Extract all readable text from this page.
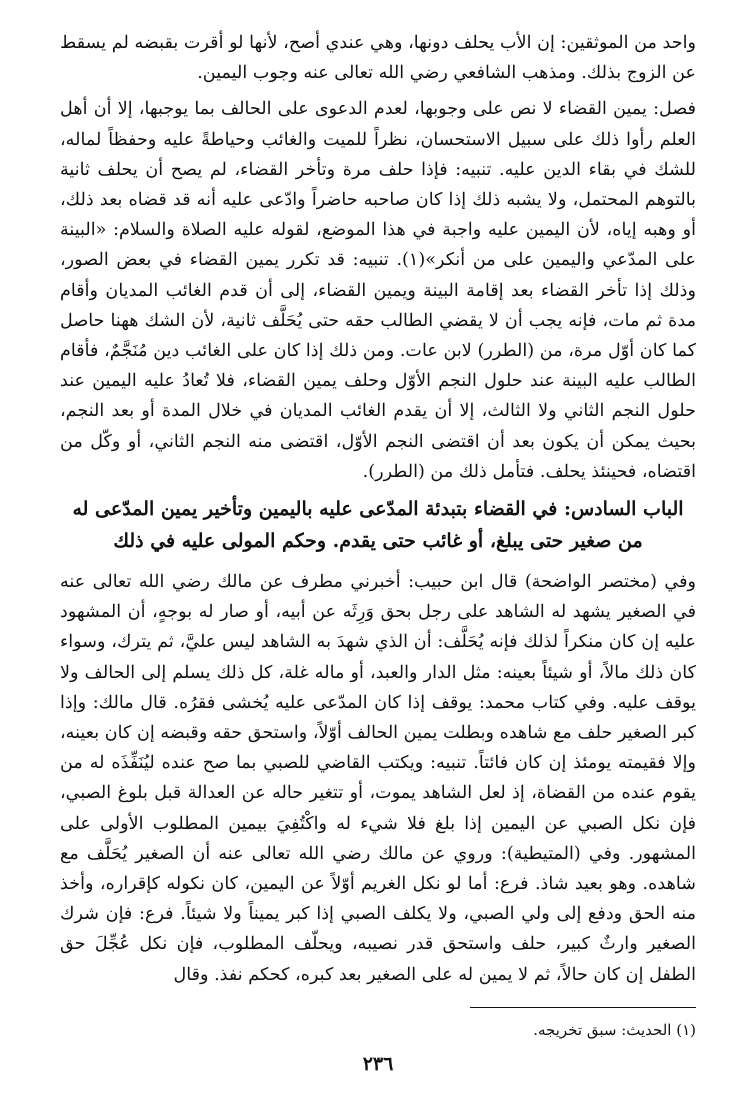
واحد من الموثقين: إن الأب يحلف دونها، وهي عندي أصح، لأنها لو أقرت بقبضه لم يسقط عن الزوج بذلك. ومذهب الشافعي رضي الله تعالى عنه وجوب اليمين.

فصل: يمين القضاء لا نص على وجوبها، لعدم الدعوى على الحالف بما يوجبها، إلا أن أهل العلم رأوا ذلك على سبيل الاستحسان، نظراً للميت والغائب وحياطةً عليه وحفظاً لماله، للشك في بقاء الدين عليه. تنبيه: فإذا حلف مرة وتأخر القضاء، لم يصح أن يحلف ثانية بالتوهم المحتمل، ولا يشبه ذلك إذا كان صاحبه حاضراً وادّعى عليه أنه قد قضاه بعد ذلك، أو وهبه إياه، لأن اليمين عليه واجبة في هذا الموضع، لقوله عليه الصلاة والسلام: «البينة على المدّعي واليمين على من أنكر»(١). تنبيه: قد تكرر يمين القضاء في بعض الصور، وذلك إذا تأخر القضاء بعد إقامة البينة ويمين القضاء، إلى أن قدم الغائب المديان وأقام مدة ثم مات، فإنه يجب أن لا يقضي الطالب حقه حتى يُحَلَّف ثانية، لأن الشك ههنا حاصل كما كان أوّل مرة، من (الطرر) لابن عات. ومن ذلك إذا كان على الغائب دين مُنَجَّمٌ، فأقام الطالب عليه البينة عند حلول النجم الأوّل وحلف يمين القضاء، فلا تُعادُ عليه اليمين عند حلول النجم الثاني ولا الثالث، إلا أن يقدم الغائب المديان في خلال المدة أو بعد النجم، بحيث يمكن أن يكون بعد أن اقتضى النجم الأوّل، اقتضى منه النجم الثاني، أو وكّل من اقتضاه، فحينئذ يحلف. فتأمل ذلك من (الطرر).

الباب السادس: في القضاء بتبدئة المدّعى عليه باليمين وتأخير يمين المدّعى له من صغير حتى يبلغ، أو غائب حتى يقدم. وحكم المولى عليه في ذلك

وفي (مختصر الواضحة) قال ابن حبيب: أخبرني مطرف عن مالك رضي الله تعالى عنه في الصغير يشهد له الشاهد على رجل بحق وَرِثَه عن أبيه، أو صار له بوجهٍ، أن المشهود عليه إن كان منكراً لذلك فإنه يُحَلَّف: أن الذي شهدَ به الشاهد ليس عليَّ، ثم يترك، وسواء كان ذلك مالاً، أو شيئاً بعينه: مثل الدار والعبد، أو ماله غلة، كل ذلك يسلم إلى الحالف ولا يوقف عليه. وفي كتاب محمد: يوقف إذا كان المدّعى عليه يُخشى فقرُه. قال مالك: وإذا كبر الصغير حلف مع شاهده وبطلت يمين الحالف أوّلاً، واستحق حقه وقبضه إن كان بعينه، وإلا فقيمته يومئذ إن كان فائتاً. تنبيه: ويكتب القاضي للصبي بما صح عنده ليُنَفِّذَه له من يقوم عنده من القضاة، إذ لعل الشاهد يموت، أو تتغير حاله عن العدالة قبل بلوغ الصبي، فإن نكل الصبي عن اليمين إذا بلغ فلا شيء له واكْتُفِيَ بيمين المطلوب الأولى على المشهور. وفي (المتيطية): وروي عن مالك رضي الله تعالى عنه أن الصغير يُحَلَّف مع شاهده. وهو بعيد شاذ. فرع: أما لو نكل الغريم أوّلاً عن اليمين، كان نكوله كإقراره، وأخذ منه الحق ودفع إلى ولي الصبي، ولا يكلف الصبي إذا كبر يميناً ولا شيئاً. فرع: فإن شرك الصغير وارثٌ كبير، حلف واستحق قدر نصيبه، ويحلّف المطلوب، فإن نكل عُجِّلَ حق الطفل إن كان حالاً، ثم لا يمين له على الصغير بعد كبره، كحكم نفذ. وقال

(١) الحديث: سبق تخريجه.
٢٣٦
